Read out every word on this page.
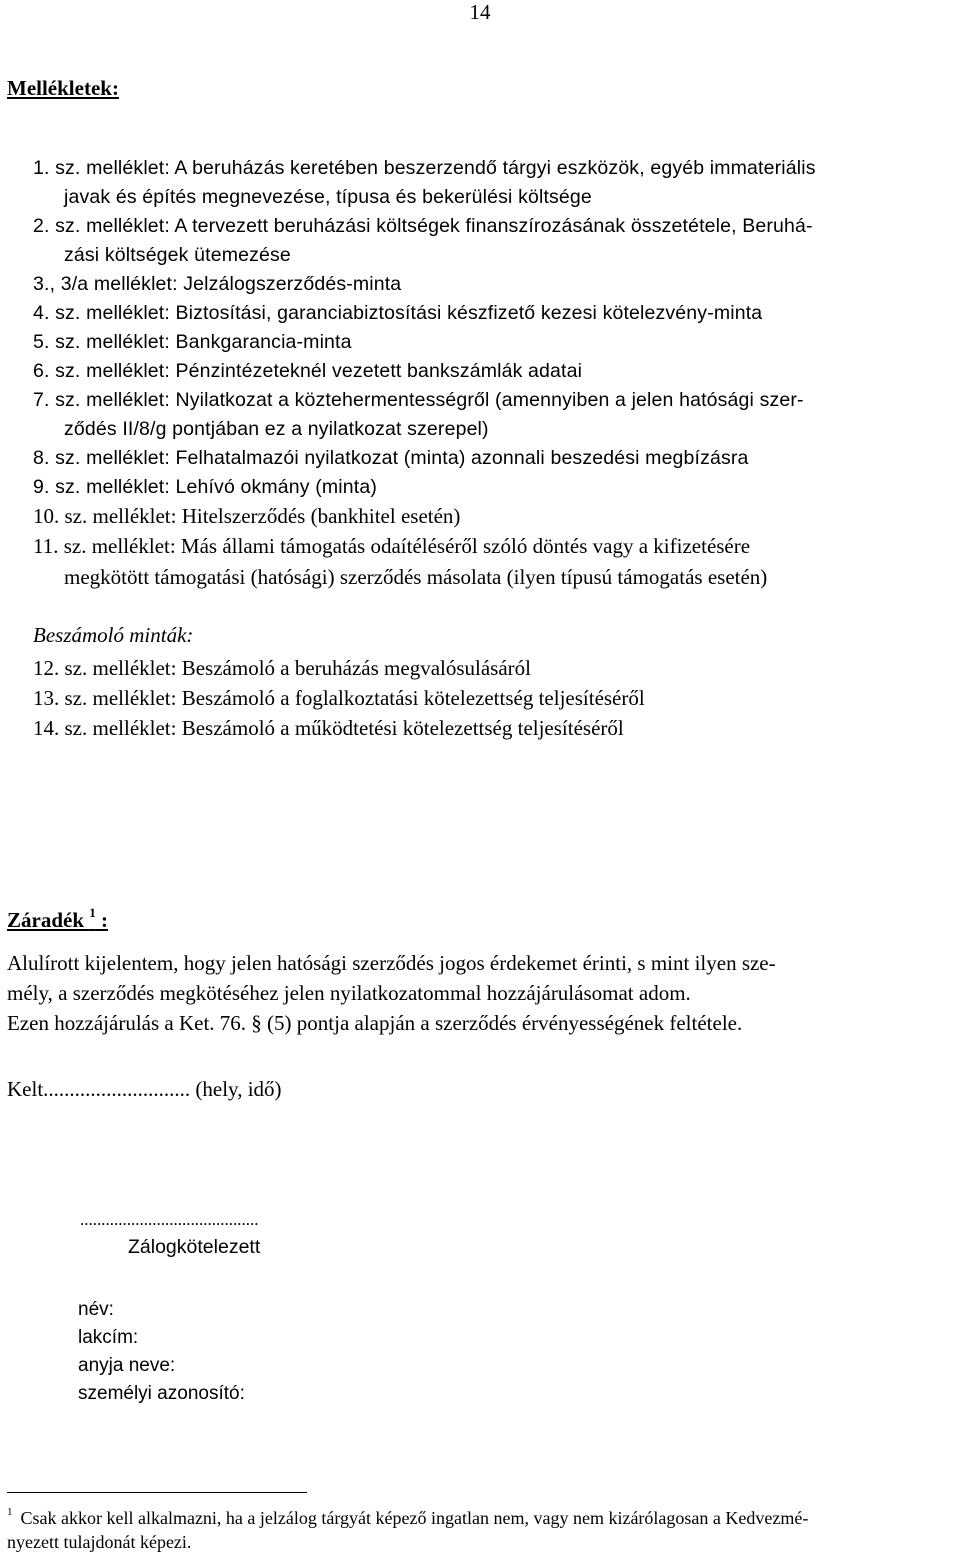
14
Mellékletek:
1. sz. melléklet: A beruházás keretében beszerzendő tárgyi eszközök, egyéb immateriális
javak és építés megnevezése, típusa és bekerülési költsége
2. sz. melléklet: A tervezett beruházási költségek finanszírozásának összetétele, Beruhá-
zási költségek ütemezése
3., 3/a melléklet: Jelzálogszerződés-minta
4. sz. melléklet: Biztosítási, garanciabiztosítási készfizető kezesi kötelezvény-minta
5. sz. melléklet: Bankgarancia-minta
6. sz. melléklet: Pénzintézeteknél vezetett bankszámlák adatai
7. sz. melléklet: Nyilatkozat a köztehermentességről (amennyiben a jelen hatósági szer-
ződés II/8/g pontjában ez a nyilatkozat szerepel)
8. sz. melléklet: Felhatalmazói nyilatkozat (minta) azonnali beszedési megbízásra
9. sz. melléklet: Lehívó okmány (minta)
10. sz. melléklet: Hitelszerződés (bankhitel esetén)
11. sz. melléklet: Más állami támogatás odaítéléséről szóló döntés vagy a kifizetésére
megkötött támogatási (hatósági) szerződés másolata (ilyen típusú támogatás esetén)
Beszámoló minták:
12. sz. melléklet: Beszámoló a beruházás megvalósulásáról
13. sz. melléklet: Beszámoló a foglalkoztatási kötelezettség teljesítéséről
14. sz. melléklet: Beszámoló a működtetési kötelezettség teljesítéséről
Záradék $^1$ :
Alulírott kijelentem, hogy jelen hatósági szerződés jogos érdekemet érinti, s mint ilyen sze-
mély, a szerződés megkötéséhez jelen nyilatkozatommal hozzájárulásomat adom.
Ezen hozzájárulás a Ket. 76. § (5) pontja alapján a szerződés érvényességének feltétele.
Kelt............................ (hely, idő)
..........................................
Zálogkötelezett
név:
lakcím:
anyja neve:
személyi azonosító:
$^1$ Csak akkor kell alkalmazni, ha a jelzálog tárgyát képező ingatlan nem, vagy nem kizárólagosan a Kedvezmé-
nyezett tulajdonát képezi.
